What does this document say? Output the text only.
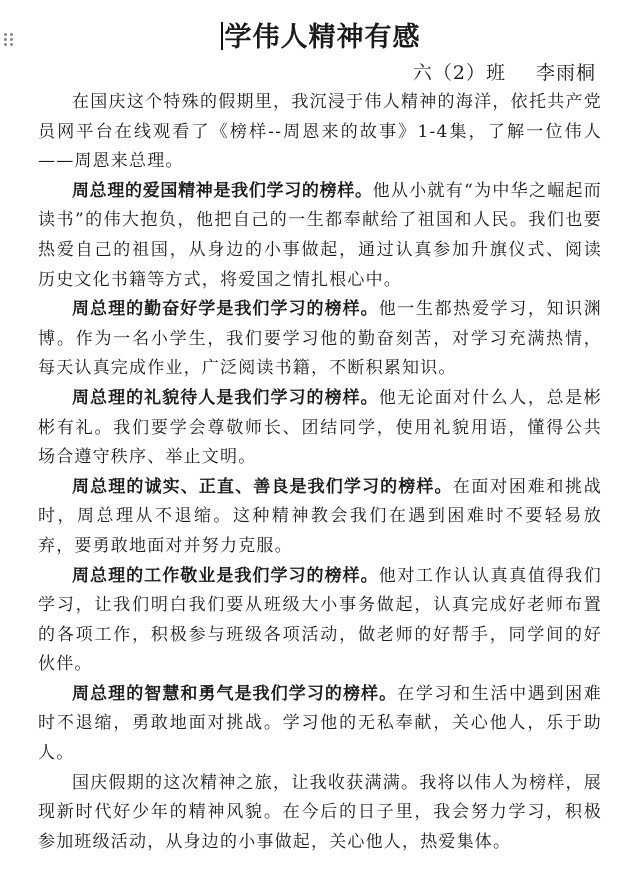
学伟人精神有感
六（2）班 李雨桐

在国庆这个特殊的假期里，我沉浸于伟人精神的海洋，依托共产党员网平台在线观看了《榜样--周恩来的故事》1-4集，了解一位伟人——周恩来总理。

周总理的爱国精神是我们学习的榜样。他从小就有“为中华之崛起而读书”的伟大抱负，他把自己的一生都奉献给了祖国和人民。我们也要热爱自己的祖国，从身边的小事做起，通过认真参加升旗仪式、阅读历史文化书籍等方式，将爱国之情扎根心中。

周总理的勤奋好学是我们学习的榜样。他一生都热爱学习，知识渊博。作为一名小学生，我们要学习他的勤奋刻苦，对学习充满热情，每天认真完成作业，广泛阅读书籍，不断积累知识。

周总理的礼貌待人是我们学习的榜样。他无论面对什么人，总是彬彬有礼。我们要学会尊敬师长、团结同学，使用礼貌用语，懂得公共场合遵守秩序、举止文明。

周总理的诚实、正直、善良是我们学习的榜样。在面对困难和挑战时，周总理从不退缩。这种精神教会我们在遇到困难时不要轻易放弃，要勇敢地面对并努力克服。

周总理的工作敬业是我们学习的榜样。他对工作认认真真值得我们学习，让我们明白我们要从班级大小事务做起，认真完成好老师布置的各项工作，积极参与班级各项活动，做老师的好帮手，同学间的好伙伴。

周总理的智慧和勇气是我们学习的榜样。在学习和生活中遇到困难时不退缩，勇敢地面对挑战。学习他的无私奉献，关心他人，乐于助人。

国庆假期的这次精神之旅，让我收获满满。我将以伟人为榜样，展现新时代好少年的精神风貌。在今后的日子里，我会努力学习，积极参加班级活动，从身边的小事做起，关心他人，热爱集体。
